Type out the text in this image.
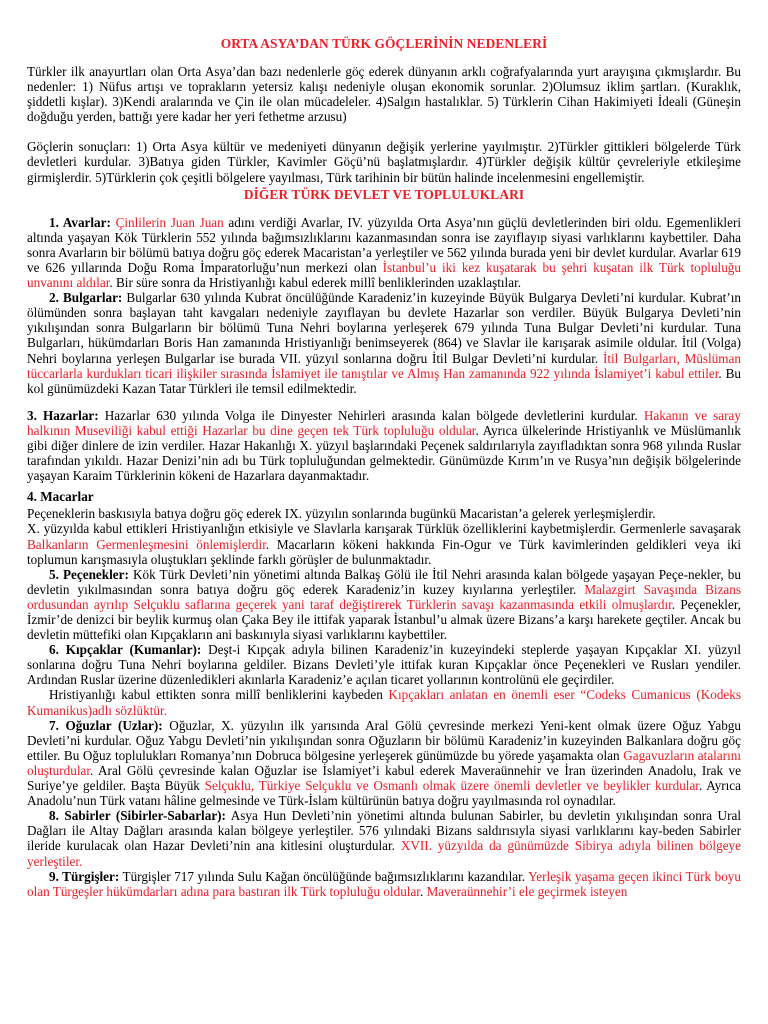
ORTA ASYA’DAN TÜRK GÖÇLERİNİN NEDENLERİ

Türkler ilk anayurtları olan Orta Asya’dan bazı nedenlerle göç ederek dünyanın arklı coğrafyalarında yurt arayışına çıkmışlardır. Bu nedenler: 1) Nüfus artışı ve toprakların yetersiz kalışı nedeniyle oluşan ekonomik sorunlar. 2)Olumsuz iklim şartları. (Kuraklık, şiddetli kışlar). 3)Kendi aralarında ve Çin ile olan mücadeleler. 4)Salgın hastalıklar. 5) Türklerin Cihan Hakimiyeti İdeali (Güneşin doğduğu yerden, battığı yere kadar her yeri fethetme arzusu)

Göçlerin sonuçları: 1) Orta Asya kültür ve medeniyeti dünyanın değişik yerlerine yayılmıştır. 2)Türkler gittikleri bölgelerde Türk devletleri kurdular. 3)Batıya giden Türkler, Kavimler Göçü’nü başlatmışlardır. 4)Türkler değişik kültür çevreleriyle etkileşime girmişlerdir. 5)Türklerin çok çeşitli bölgelere yayılması, Türk tarihinin bir bütün halinde incelenmesini engellemiştir.

DİĞER TÜRK DEVLET VE TOPLULUKLARI

1. Avarlar: Çinlilerin Juan Juan adını verdiği Avarlar, IV. yüzyılda Orta Asya’nın güçlü devletlerinden biri oldu. Egemenlikleri altında yaşayan Kök Türklerin 552 yılında bağımsızlıklarını kazanmasından sonra ise zayıflayıp siyasi varlıklarını kaybettiler. Daha sonra Avarların bir bölümü batıya doğru göç ederek Macaristan’a yerleştiler ve 562 yılında burada yeni bir devlet kurdular. Avarlar 619 ve 626 yıllarında Doğu Roma İmparatorluğu’nun merkezi olan İstanbul’u iki kez kuşatarak bu şehri kuşatan ilk Türk topluluğu unvanını aldılar. Bir süre sonra da Hristiyanlığı kabul ederek millî benliklerinden uzaklaştılar.

2. Bulgarlar: Bulgarlar 630 yılında Kubrat öncülüğünde Karadeniz’in kuzeyinde Büyük Bulgarya Devleti’ni kurdular. Kubrat’ın ölümünden sonra başlayan taht kavgaları nedeniyle zayıflayan bu devlete Hazarlar son verdiler. Büyük Bulgarya Devleti’nin yıkılışından sonra Bulgarların bir bölümü Tuna Nehri boylarına yerleşerek 679 yılında Tuna Bulgar Devleti’ni kurdular. Tuna Bulgarları, hükümdarları Boris Han zamanında Hristiyanlığı benimseyerek (864) ve Slavlar ile karışarak asimile oldular. İtil (Volga) Nehri boylarına yerleşen Bulgarlar ise burada VII. yüzyıl sonlarına doğru İtil Bulgar Devleti’ni kurdular. İtil Bulgarları, Müslüman tüccarlarla kurdukları ticari ilişkiler sırasında İslamiyet ile tanıştılar ve Almış Han zamanında 922 yılında İslamiyet’i kabul ettiler. Bu kol günümüzdeki Kazan Tatar Türkleri ile temsil edilmektedir.

3. Hazarlar: Hazarlar 630 yılında Volga ile Dinyester Nehirleri arasında kalan bölgede devletlerini kurdular. Hakanın ve saray halkının Museviliği kabul ettiği Hazarlar bu dine geçen tek Türk topluluğu oldular. Ayrıca ülkelerinde Hristiyanlık ve Müslümanlık gibi diğer dinlere de izin verdiler. Hazar Hakanlığı X. yüzyıl başlarındaki Peçenek saldırılarıyla zayıfladıktan sonra 968 yılında Ruslar tarafından yıkıldı. Hazar Denizi’nin adı bu Türk topluluğundan gelmektedir. Günümüzde Kırım’ın ve Rusya’nın değişik bölgelerinde yaşayan Karaim Türklerinin kökeni de Hazarlara dayanmaktadır.

4. Macarlar

Peçeneklerin baskısıyla batıya doğru göç ederek IX. yüzyılın sonlarında bugünkü Macaristan’a gelerek yerleşmişlerdir.

X. yüzyılda kabul ettikleri Hristiyanlığın etkisiyle ve Slavlarla karışarak Türklük özelliklerini kaybetmişlerdir. Germenlerle savaşarak Balkanların Germenleşmesini önlemişlerdir. Macarların kökeni hakkında Fin-Ogur ve Türk kavimlerinden geldikleri veya iki toplumun karışmasıyla oluştukları şeklinde farklı görüşler de bulunmaktadır.

5. Peçenekler: Kök Türk Devleti’nin yönetimi altında Balkaş Gölü ile İtil Nehri arasında kalan bölgede yaşayan Peçe-nekler, bu devletin yıkılmasından sonra batıya doğru göç ederek Karadeniz’in kuzey kıyılarına yerleştiler. Malazgirt Savaşında Bizans ordusundan ayrılıp Selçuklu saflarına geçerek yani taraf değiştirerek Türklerin savaşı kazanmasında etkili olmuşlardır. Peçenekler, İzmir’de denizci bir beylik kurmuş olan Çaka Bey ile ittifak yaparak İstanbul’u almak üzere Bizans’a karşı harekete geçtiler. Ancak bu devletin müttefiki olan Kıpçakların ani baskınıyla siyasi varlıklarını kaybettiler.

6. Kıpçaklar (Kumanlar): Deşt-i Kıpçak adıyla bilinen Karadeniz’in kuzeyindeki steplerde yaşayan Kıpçaklar XI. yüzyıl sonlarına doğru Tuna Nehri boylarına geldiler. Bizans Devleti’yle ittifak kuran Kıpçaklar önce Peçenekleri ve Rusları yendiler. Ardından Ruslar üzerine düzenledikleri akınlarla Karadeniz’e açılan ticaret yollarının kontrolünü ele geçirdiler.

Hristiyanlığı kabul ettikten sonra millî benliklerini kaybeden Kıpçakları anlatan en önemli eser “Codeks Cumanicus (Kodeks Kumanikus)adlı sözlüktür.

7. Oğuzlar (Uzlar): Oğuzlar, X. yüzyılın ilk yarısında Aral Gölü çevresinde merkezi Yeni-kent olmak üzere Oğuz Yabgu Devleti’ni kurdular. Oğuz Yabgu Devleti’nin yıkılışından sonra Oğuzların bir bölümü Karadeniz’in kuzeyinden Balkanlara doğru göç ettiler. Bu Oğuz toplulukları Romanya’nın Dobruca bölgesine yerleşerek günümüzde bu yörede yaşamakta olan Gagavuzların atalarını oluşturdular. Aral Gölü çevresinde kalan Oğuzlar ise İslamiyet’i kabul ederek Maveraünnehir ve İran üzerinden Anadolu, Irak ve Suriye’ye geldiler. Başta Büyük Selçuklu, Türkiye Selçuklu ve Osmanlı olmak üzere önemli devletler ve beylikler kurdular. Ayrıca Anadolu’nun Türk vatanı hâline gelmesinde ve Türk-İslam kültürünün batıya doğru yayılmasında rol oynadılar.

8. Sabirler (Sibirler-Sabarlar): Asya Hun Devleti’nin yönetimi altında bulunan Sabirler, bu devletin yıkılışından sonra Ural Dağları ile Altay Dağları arasında kalan bölgeye yerleştiler. 576 yılındaki Bizans saldırısıyla siyasi varlıklarını kay-beden Sabirler ileride kurulacak olan Hazar Devleti’nin ana kitlesini oluşturdular. XVII. yüzyılda da günümüzde Sibirya adıyla bilinen bölgeye yerleştiler.

9. Türgişler: Türgişler 717 yılında Sulu Kağan öncülüğünde bağımsızlıklarını kazandılar. Yerleşik yaşama geçen ikinci Türk boyu olan Türgeşler hükümdarları adına para bastıran ilk Türk topluluğu oldular. Maveraünnehir’i ele geçirmek isteyen
